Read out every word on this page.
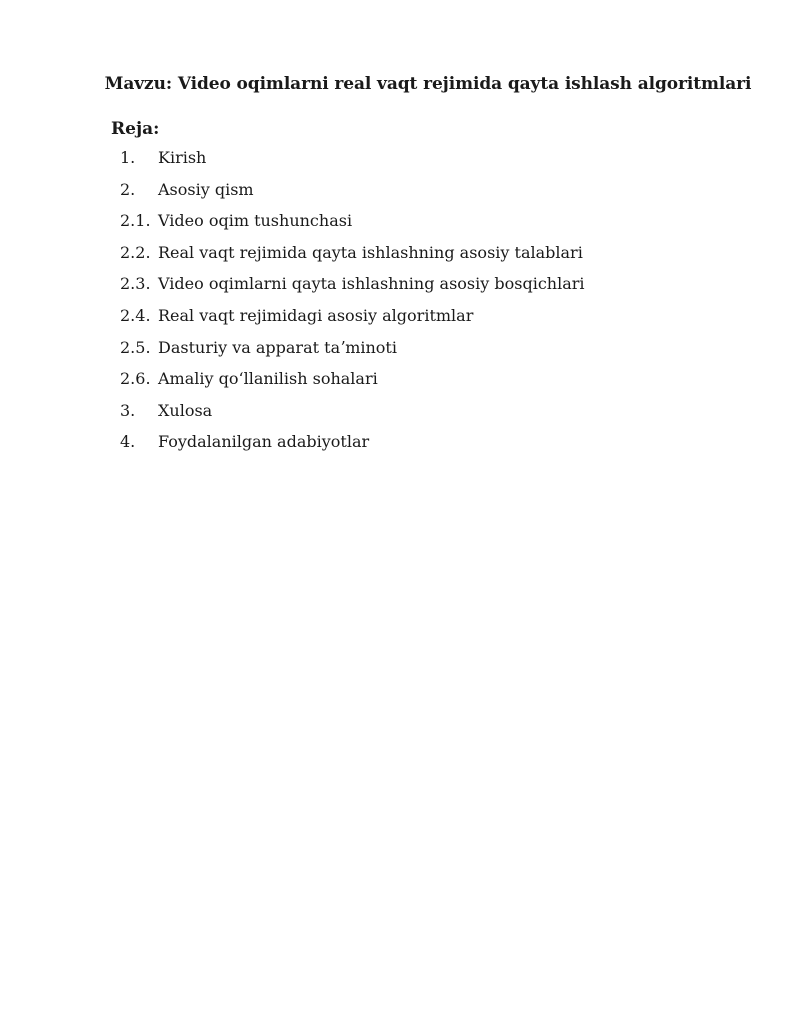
Mavzu: Video oqimlarni real vaqt rejimida qayta ishlash algoritmlari
Reja:
1.	Kirish
2.	Asosiy qism
2.1. Video oqim tushunchasi
2.2. Real vaqt rejimida qayta ishlashning asosiy talablari
2.3. Video oqimlarni qayta ishlashning asosiy bosqichlari
2.4. Real vaqt rejimidagi asosiy algoritmlar
2.5. Dasturiy va apparat taʼminoti
2.6. Amaliy qoʻllanilish sohalari
3.	Xulosa
4.	Foydalanilgan adabiyotlar
